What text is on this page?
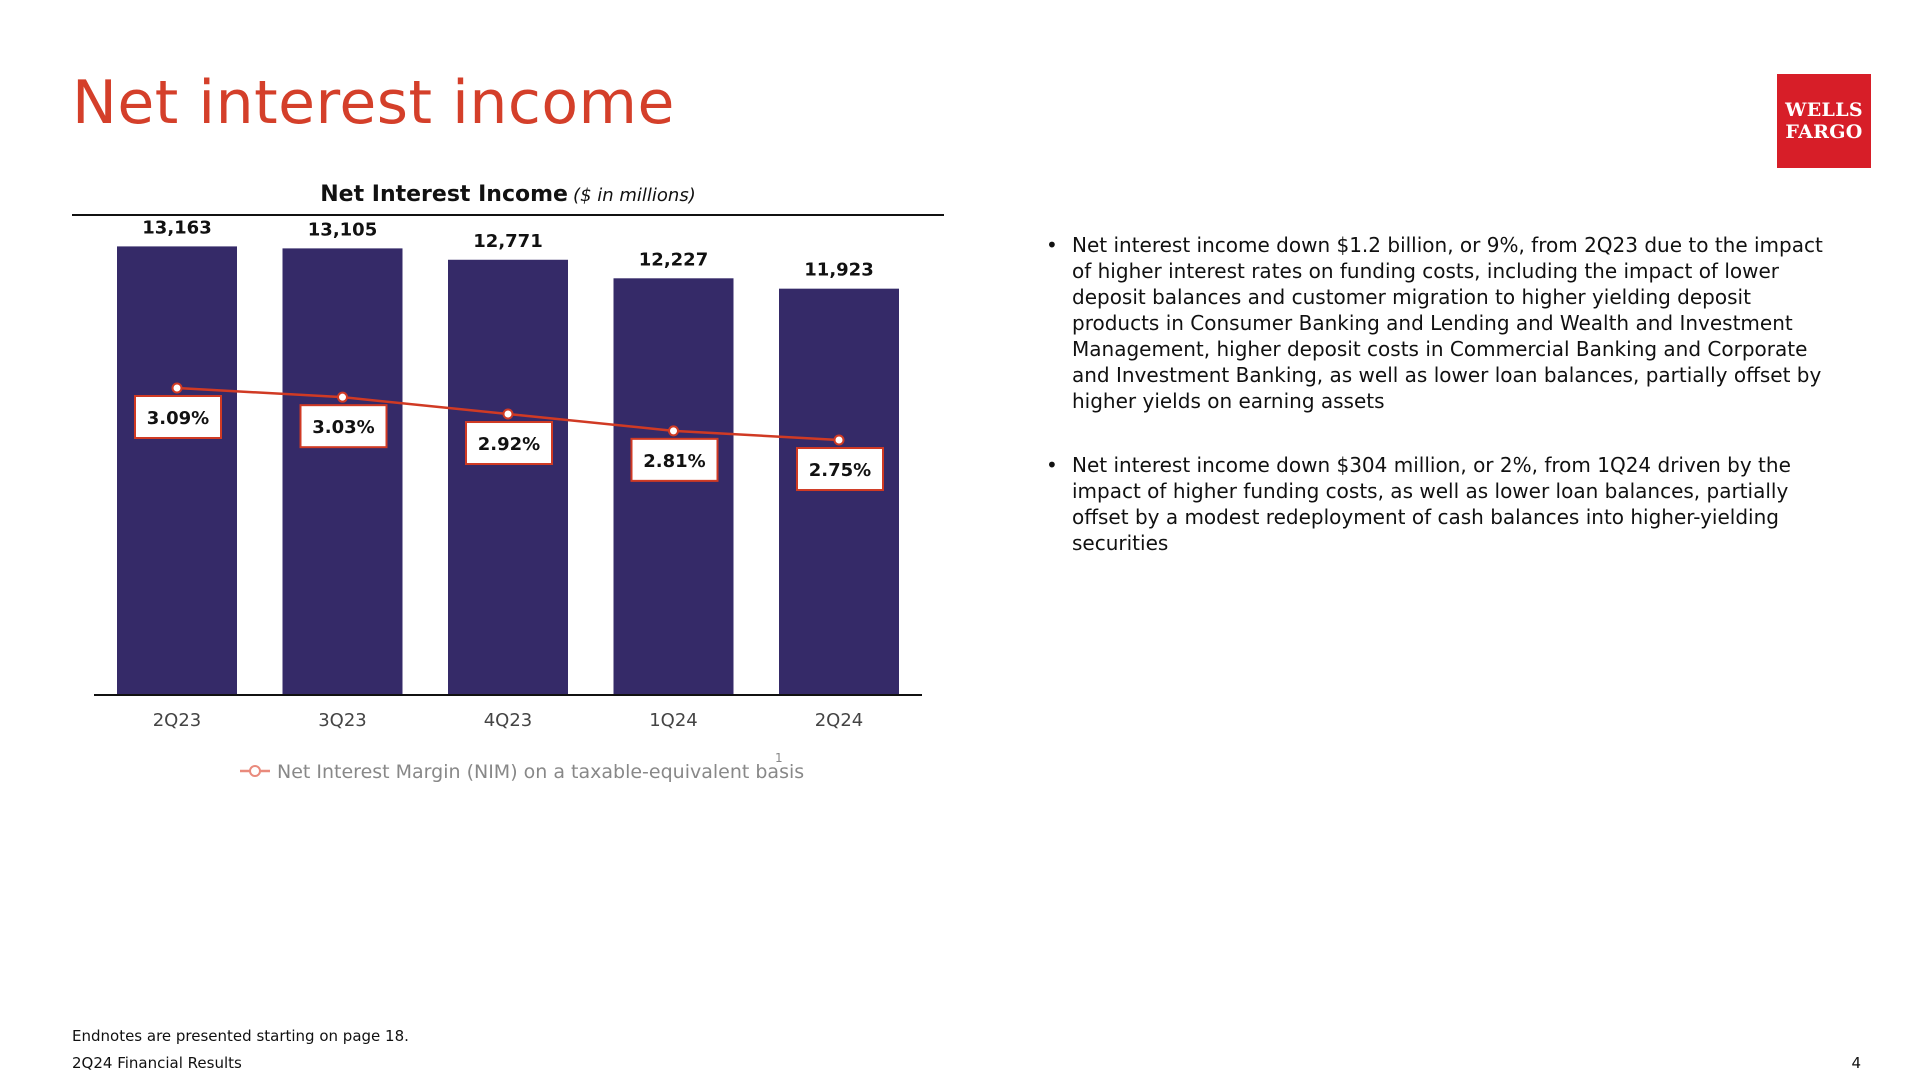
Net interest income	WELLS
FARGO
Net Interest Income ($ in millions)
13,163
2Q23
13,105
3Q23
12,771
4Q23
12,227
1Q24
11,923
2Q24
3.09%	3.03%
2.92%
2.81%	2.75%
Net Interest Margin (NIM) on a taxable-equivalent basis
1
• Net interest income down $1.2 billion, or 9%, from 2Q23 due to the impact of higher interest rates on funding costs, including the impact of lower deposit balances and customer migration to higher yielding deposit products in Consumer Banking and Lending and Wealth and Investment Management, higher deposit costs in Commercial Banking and Corporate and Investment Banking, as well as lower loan balances, partially offset by higher yields on earning assets
• Net interest income down $304 million, or 2%, from 1Q24 driven by the impact of higher funding costs, as well as lower loan balances, partially offset by a modest redeployment of cash balances into higher-yielding securities
Endnotes are presented starting on page 18.
2Q24 Financial Results	4
